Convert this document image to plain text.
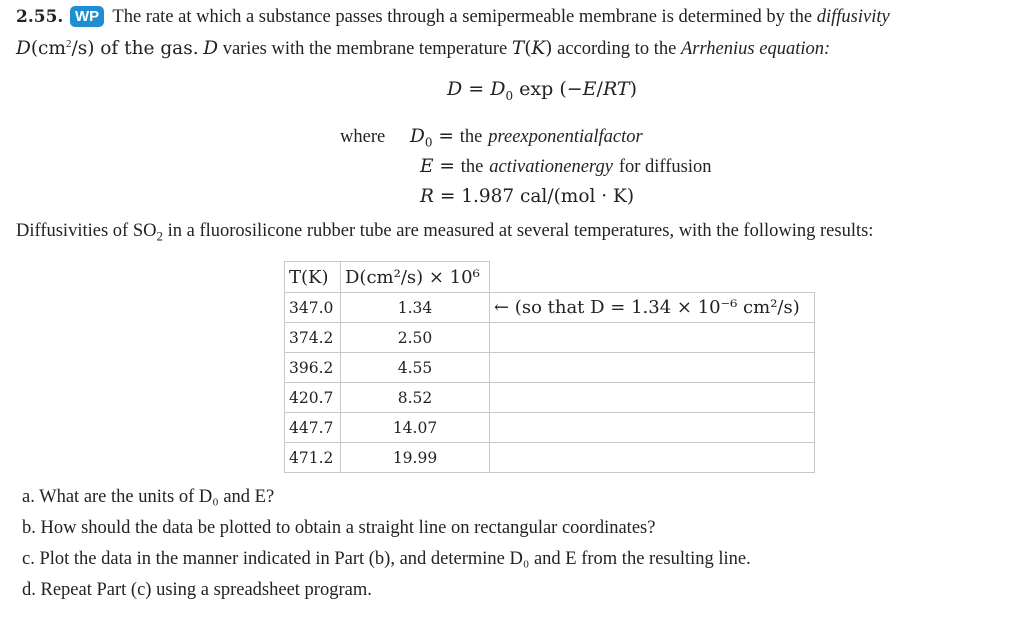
2.55. WP The rate at which a substance passes through a semipermeable membrane is determined by the diffusivity
$D(cm^2/s)$ of the gas. D varies with the membrane temperature T(K) according to the Arrhenius equation:
$D = D_0$ exp (−E/RT)
where $D_0$ = the preexponentialfactor
E = the activationenergy for diffusion
R = 1.987 cal/(mol · K)
Diffusivities of $SO_2$ in a fluorosilicone rubber tube are measured at several temperatures, with the following results:
T(K)	D(cm²/s) × 10⁶	
347.0	1.34	← (so that D = 1.34 × 10⁻⁶ cm²/s)
374.2	2.50	
396.2	4.55	
420.7	8.52	
447.7	14.07	
471.2	19.99	
a. What are the units of D₀ and E?
b. How should the data be plotted to obtain a straight line on rectangular coordinates?
c. Plot the data in the manner indicated in Part (b), and determine D₀ and E from the resulting line.
d. Repeat Part (c) using a spreadsheet program.
